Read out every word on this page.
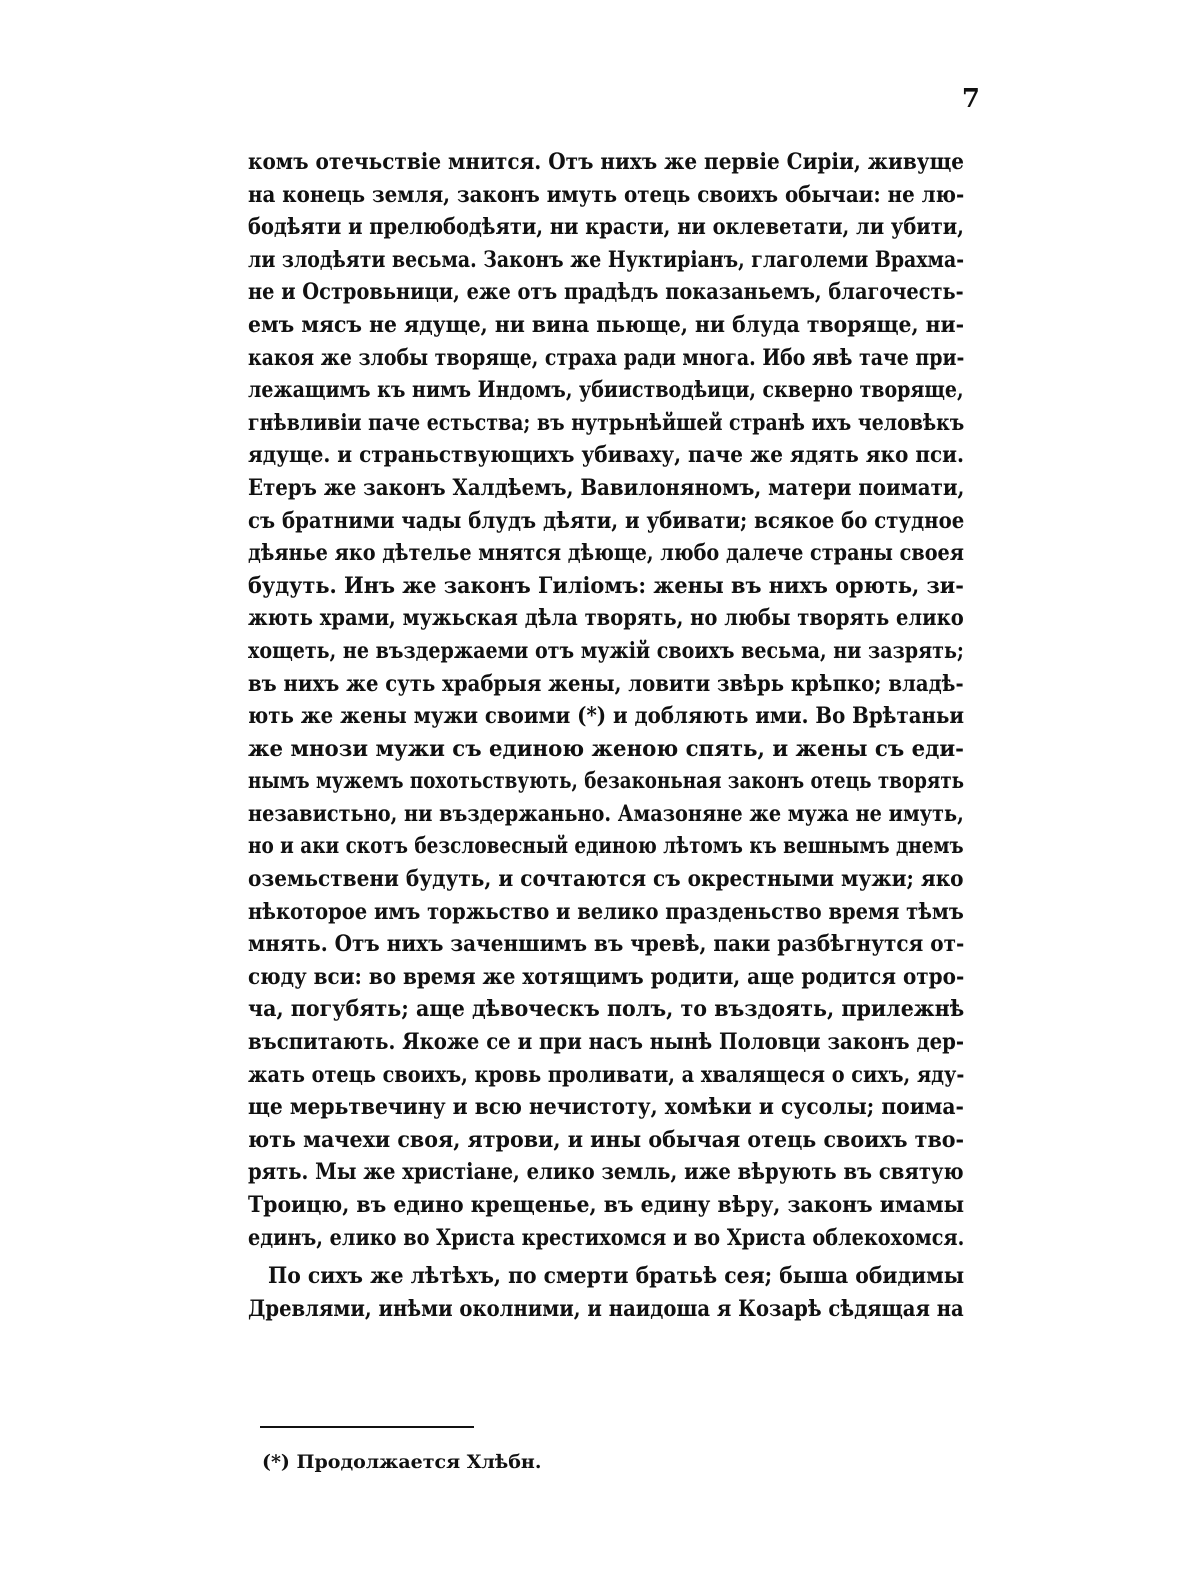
7
комъ отечьствіе мнится. Отъ нихъ же первіе Сиріи, живуще
на конець земля, законъ имуть отець своихъ обычаи: не лю-
бодѣяти и прелюбодѣяти, ни красти, ни оклеветати, ли убити,
ли злодѣяти весьма. Законъ же Нуктиріанъ, глаголеми Врахма-
не и Островьници, еже отъ прадѣдъ показаньемъ, благочесть-
емъ мясъ не ядуще, ни вина пьюще, ни блуда творяще, ни-
какоя же злобы творяще, страха ради многа. Ибо явѣ таче при-
лежащимъ къ нимъ Индомъ, убиистводѣици, скверно творяще,
гнѣвливіи паче естьства; въ нутрьнѣйшей странѣ ихъ человѣкъ
ядуще. и страньствующихъ убиваху, паче же ядять яко пси.
Етеръ же законъ Халдѣемъ, Вавилоняномъ, матери поимати,
съ братними чады блудъ дѣяти, и убивати; всякое бо студное
дѣянье яко дѣтелье мнятся дѣюще, любо далече страны своея
будуть. Инъ же законъ Гиліомъ: жены въ нихъ орють, зи-
жють храми, мужьская дѣла творять, но любы творять елико
хощеть, не въздержаеми отъ мужій своихъ весьма, ни зазрять;
въ нихъ же суть храбрыя жены, ловити звѣрь крѣпко; владѣ-
ють же жены мужи своими (*) и добляють ими. Во Врѣтаньи
же мнози мужи съ единою женою спять, и жены съ еди-
нымъ мужемъ похотьствують, безаконьная законъ отець творять
независтьно, ни въздержаньно. Амазоняне же мужа не имуть,
но и аки скотъ безсловесный единою лѣтомъ къ вешнымъ днемъ
оземьствени будуть, и сочтаются съ окрестными мужи; яко
нѣкоторое имъ торжьство и велико праздeньство время тѣмъ
мнять. Отъ нихъ заченшимъ въ чревѣ, паки разбѣгнутся от-
сюду вси: во время же хотящимъ родити, аще родится отро-
ча, погубять; аще дѣвоческъ полъ, то въздоять, прилежнѣ
въспитають. Якоже се и при насъ нынѣ Половци законъ дер-
жать отець своихъ, кровь проливати, а хвалящеся о сихъ, яду-
ще мерьтвечину и всю нечистоту, хомѣки и сусолы; поима-
ють мачехи своя, ятрови, и ины обычая отець своихъ тво-
рять. Мы же христіане, елико земль, иже вѣрують въ святую
Троицю, въ едино крещенье, въ едину вѣру, законъ имамы
единъ, елико во Христа крестихомся и во Христа облекохомся.
По сихъ же лѣтѣхъ, по смерти братьѣ сея; быша обидимы
Древлями, инѣми околними, и наидоша я Козарѣ сѣдящая на
(*) Продолжается Хлѣбн.
